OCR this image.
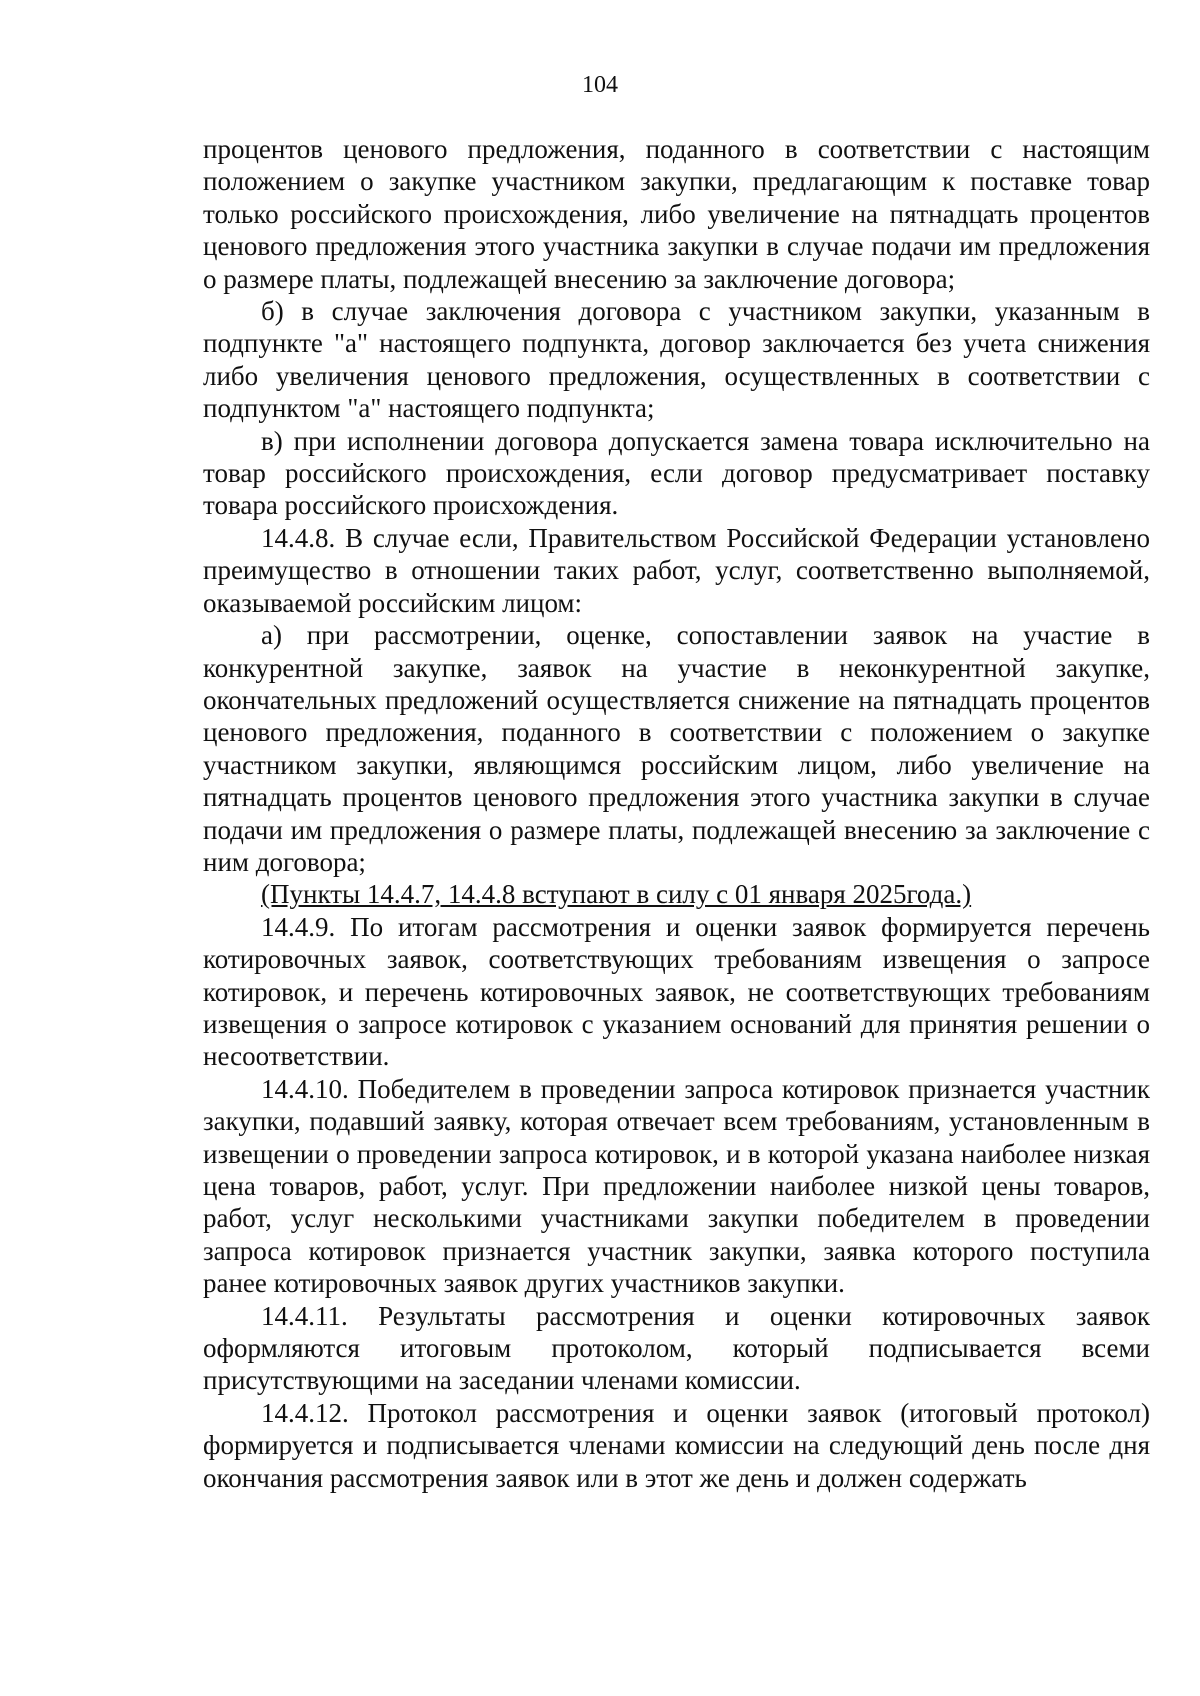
104

процентов ценового предложения, поданного в соответствии с настоящим положением о закупке участником закупки, предлагающим к поставке товар только российского происхождения, либо увеличение на пятнадцать процентов ценового предложения этого участника закупки в случае подачи им предложения о размере платы, подлежащей внесению за заключение договора;

б) в случае заключения договора с участником закупки, указанным в подпункте "а" настоящего подпункта, договор заключается без учета снижения либо увеличения ценового предложения, осуществленных в соответствии с подпунктом "а" настоящего подпункта;

в) при исполнении договора допускается замена товара исключительно на товар российского происхождения, если договор предусматривает поставку товара российского происхождения.

14.4.8. В случае если, Правительством Российской Федерации установлено преимущество в отношении таких работ, услуг, соответственно выполняемой, оказываемой российским лицом:

а) при рассмотрении, оценке, сопоставлении заявок на участие в конкурентной закупке, заявок на участие в неконкурентной закупке, окончательных предложений осуществляется снижение на пятнадцать процентов ценового предложения, поданного в соответствии с положением о закупке участником закупки, являющимся российским лицом, либо увеличение на пятнадцать процентов ценового предложения этого участника закупки в случае подачи им предложения о размере платы, подлежащей внесению за заключение с ним договора;

(Пункты 14.4.7, 14.4.8 вступают в силу с 01 января 2025года.)

14.4.9. По итогам рассмотрения и оценки заявок формируется перечень котировочных заявок, соответствующих требованиям извещения о запросе котировок, и перечень котировочных заявок, не соответствующих требованиям извещения о запросе котировок с указанием оснований для принятия решении о несоответствии.

14.4.10. Победителем в проведении запроса котировок признается участник закупки, подавший заявку, которая отвечает всем требованиям, установленным в извещении о проведении запроса котировок, и в которой указана наиболее низкая цена товаров, работ, услуг. При предложении наиболее низкой цены товаров, работ, услуг несколькими участниками закупки победителем в проведении запроса котировок признается участник закупки, заявка которого поступила ранее котировочных заявок других участников закупки.

14.4.11. Результаты рассмотрения и оценки котировочных заявок оформляются итоговым протоколом, который подписывается всеми присутствующими на заседании членами комиссии.

14.4.12. Протокол рассмотрения и оценки заявок (итоговый протокол) формируется и подписывается членами комиссии на следующий день после дня окончания рассмотрения заявок или в этот же день и должен содержать
